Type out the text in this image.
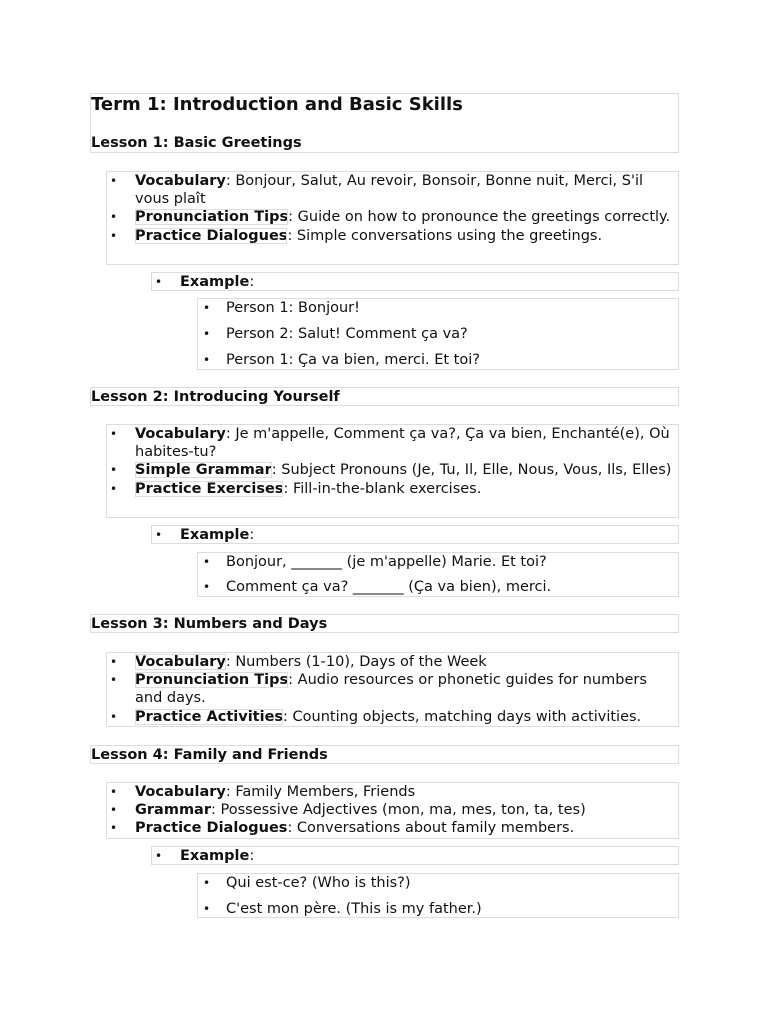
Term 1: Introduction and Basic Skills
Lesson 1: Basic Greetings
• Vocabulary: Bonjour, Salut, Au revoir, Bonsoir, Bonne nuit, Merci, S'il vous plaît
• Pronunciation Tips: Guide on how to pronounce the greetings correctly.
• Practice Dialogues: Simple conversations using the greetings.
• Example:
• Person 1: Bonjour!
• Person 2: Salut! Comment ça va?
• Person 1: Ça va bien, merci. Et toi?
Lesson 2: Introducing Yourself
• Vocabulary: Je m'appelle, Comment ça va?, Ça va bien, Enchanté(e), Où habites-tu?
• Simple Grammar: Subject Pronouns (Je, Tu, Il, Elle, Nous, Vous, Ils, Elles)
• Practice Exercises: Fill-in-the-blank exercises.
• Example:
• Bonjour, _______ (je m'appelle) Marie. Et toi?
• Comment ça va? _______ (Ça va bien), merci.
Lesson 3: Numbers and Days
• Vocabulary: Numbers (1-10), Days of the Week
• Pronunciation Tips: Audio resources or phonetic guides for numbers and days.
• Practice Activities: Counting objects, matching days with activities.
Lesson 4: Family and Friends
• Vocabulary: Family Members, Friends
• Grammar: Possessive Adjectives (mon, ma, mes, ton, ta, tes)
• Practice Dialogues: Conversations about family members.
• Example:
• Qui est-ce? (Who is this?)
• C'est mon père. (This is my father.)
